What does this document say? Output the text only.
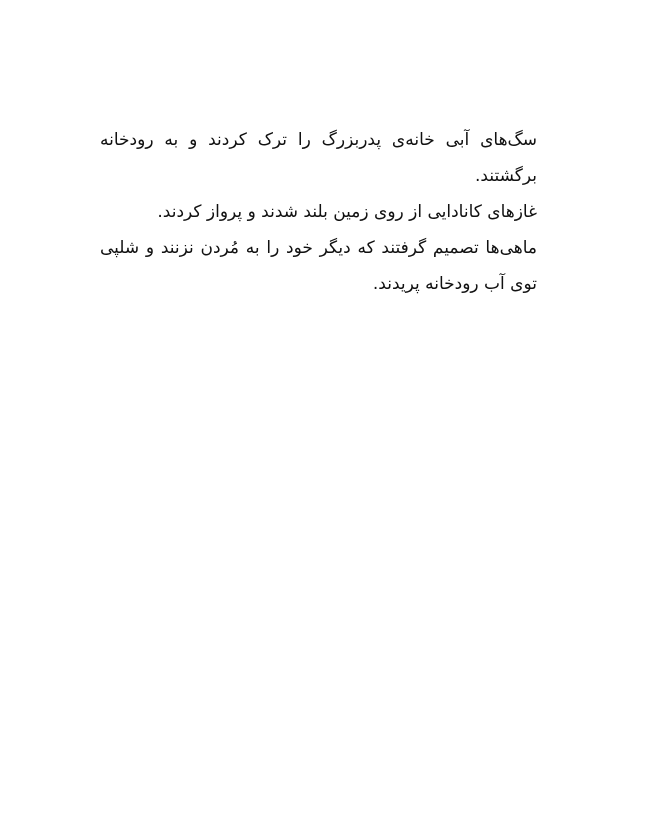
سگ‌های آبی خانه‌ی پدربزرگ را ترک کردند و به رودخانه برگشتند.

غازهای کانادایی از روی زمین بلند شدند و پرواز کردند.

ماهی‌ها تصمیم گرفتند که دیگر خود را به مُردن نزنند و شلپی توی آب رودخانه پریدند.
